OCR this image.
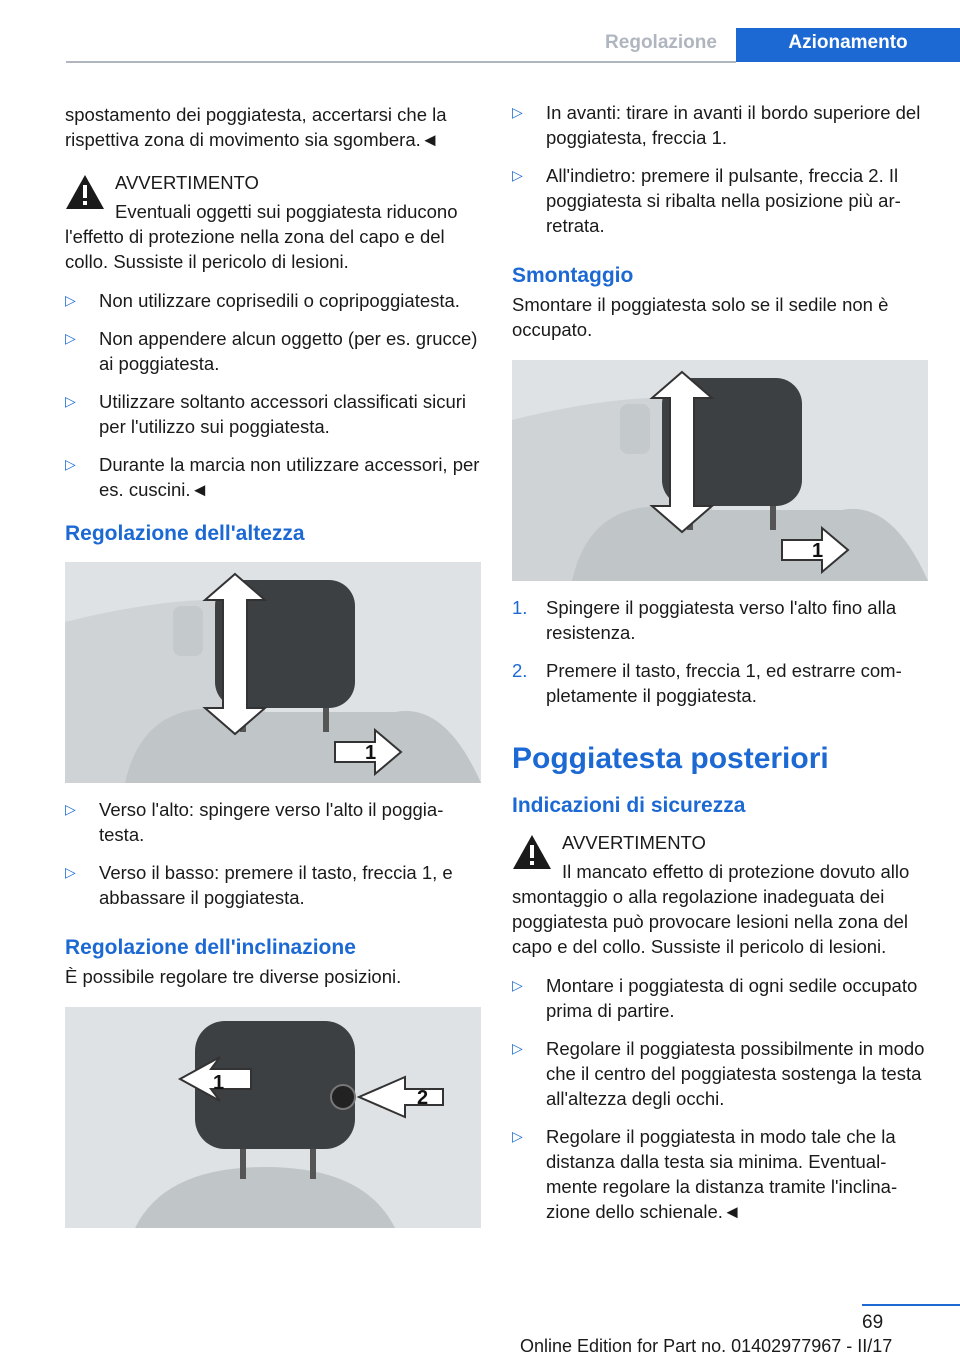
Regolazione	Azionamento

spostamento dei poggiatesta, accertarsi che la rispettiva zona di movimento sia sgombera.◄

AVVERTIMENTO

Eventuali oggetti sui poggiatesta riducono l'effetto di protezione nella zona del capo e del collo. Sussiste il pericolo di lesioni.

▷ Non utilizzare coprisedili o copripoggiatesta.
▷ Non appendere alcun oggetto (per es. grucce) ai poggiatesta.
▷ Utilizzare soltanto accessori classificati sicuri per l'utilizzo sui poggiatesta.
▷ Durante la marcia non utilizzare accessori, per es. cuscini.◄
Regolazione dell'altezza
1
▷ Verso l'alto: spingere verso l'alto il poggiatesta.
▷ Verso il basso: premere il tasto, freccia 1, e abbassare il poggiatesta.
Regolazione dell'inclinazione

È possibile regolare tre diverse posizioni.

1
2
▷ In avanti: tirare in avanti il bordo superiore del poggiatesta, freccia 1.
▷ All'indietro: premere il pulsante, freccia 2. Il poggiatesta si ribalta nella posizione più arretrata.
Smontaggio

Smontare il poggiatesta solo se il sedile non è occupato.

1
1. Spingere il poggiatesta verso l'alto fino alla resistenza.
2. Premere il tasto, freccia 1, ed estrarre completamente il poggiatesta.
Poggiatesta posteriori
Indicazioni di sicurezza

AVVERTIMENTO

Il mancato effetto di protezione dovuto allo smontaggio o alla regolazione inadeguata dei poggiatesta può provocare lesioni nella zona del capo e del collo. Sussiste il pericolo di lesioni.

▷ Montare i poggiatesta di ogni sedile occupato prima di partire.
▷ Regolare il poggiatesta possibilmente in modo che il centro del poggiatesta sostenga la testa all'altezza degli occhi.
▷ Regolare il poggiatesta in modo tale che la distanza dalla testa sia minima. Eventualmente regolare la distanza tramite l'inclinazione dello schienale.◄
69
Online Edition for Part no. 01402977967 - II/17
